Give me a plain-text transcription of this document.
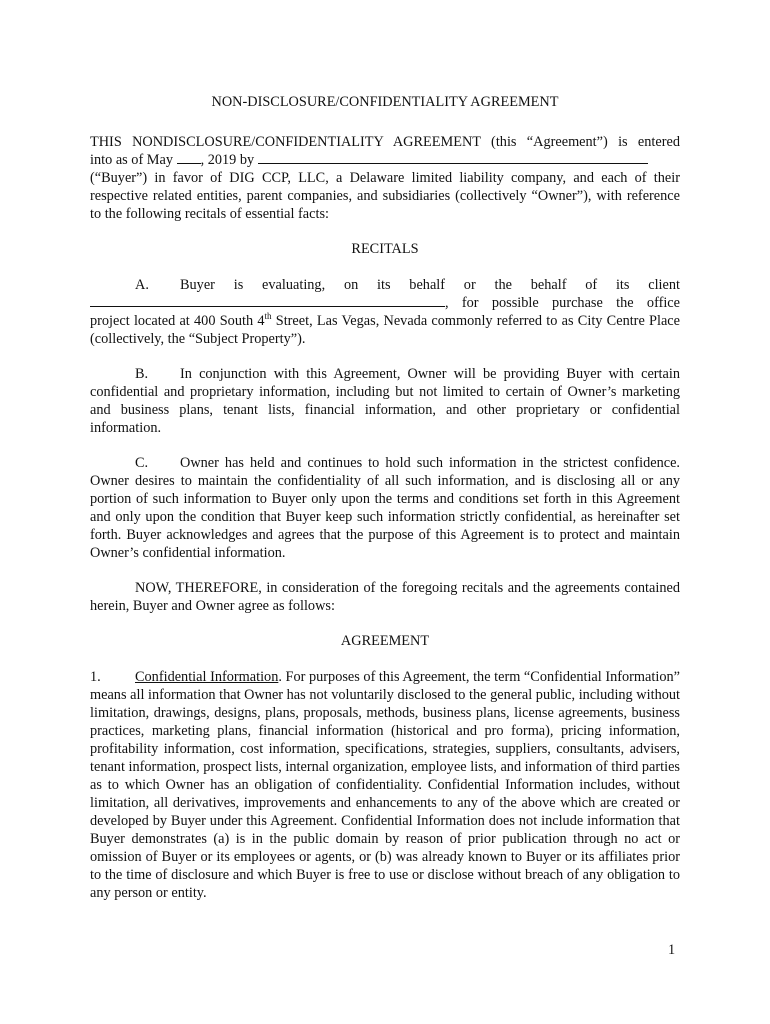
NON-DISCLOSURE/CONFIDENTIALITY AGREEMENT

THIS NONDISCLOSURE/CONFIDENTIALITY AGREEMENT (this “Agreement”) is entered

into as of May , 2019 by

(“Buyer”) in favor of DIG CCP, LLC, a Delaware limited liability company, and each of their respective related entities, parent companies, and subsidiaries (collectively “Owner”), with reference to the following recitals of essential facts:

RECITALS

A. Buyer is evaluating, on its behalf or the behalf of its client

, for possible purchase the office

project located at 400 South 4th Street, Las Vegas, Nevada commonly referred to as City Centre Place (collectively, the “Subject Property”).

B. In conjunction with this Agreement, Owner will be providing Buyer with certain confidential and proprietary information, including but not limited to certain of Owner’s marketing and business plans, tenant lists, financial information, and other proprietary or confidential information.

C. Owner has held and continues to hold such information in the strictest confidence. Owner desires to maintain the confidentiality of all such information, and is disclosing all or any portion of such information to Buyer only upon the terms and conditions set forth in this Agreement and only upon the condition that Buyer keep such information strictly confidential, as hereinafter set forth. Buyer acknowledges and agrees that the purpose of this Agreement is to protect and maintain Owner’s confidential information.

NOW, THEREFORE, in consideration of the foregoing recitals and the agreements contained herein, Buyer and Owner agree as follows:

AGREEMENT

1. Confidential Information. For purposes of this Agreement, the term “Confidential Information” means all information that Owner has not voluntarily disclosed to the general public, including without limitation, drawings, designs, plans, proposals, methods, business plans, license agreements, business practices, marketing plans, financial information (historical and pro forma), pricing information, profitability information, cost information, specifications, strategies, suppliers, consultants, advisers, tenant information, prospect lists, internal organization, employee lists, and information of third parties as to which Owner has an obligation of confidentiality. Confidential Information includes, without limitation, all derivatives, improvements and enhancements to any of the above which are created or developed by Buyer under this Agreement. Confidential Information does not include information that Buyer demonstrates (a) is in the public domain by reason of prior publication through no act or omission of Buyer or its employees or agents, or (b) was already known to Buyer or its affiliates prior to the time of disclosure and which Buyer is free to use or disclose without breach of any obligation to any person or entity.

1
